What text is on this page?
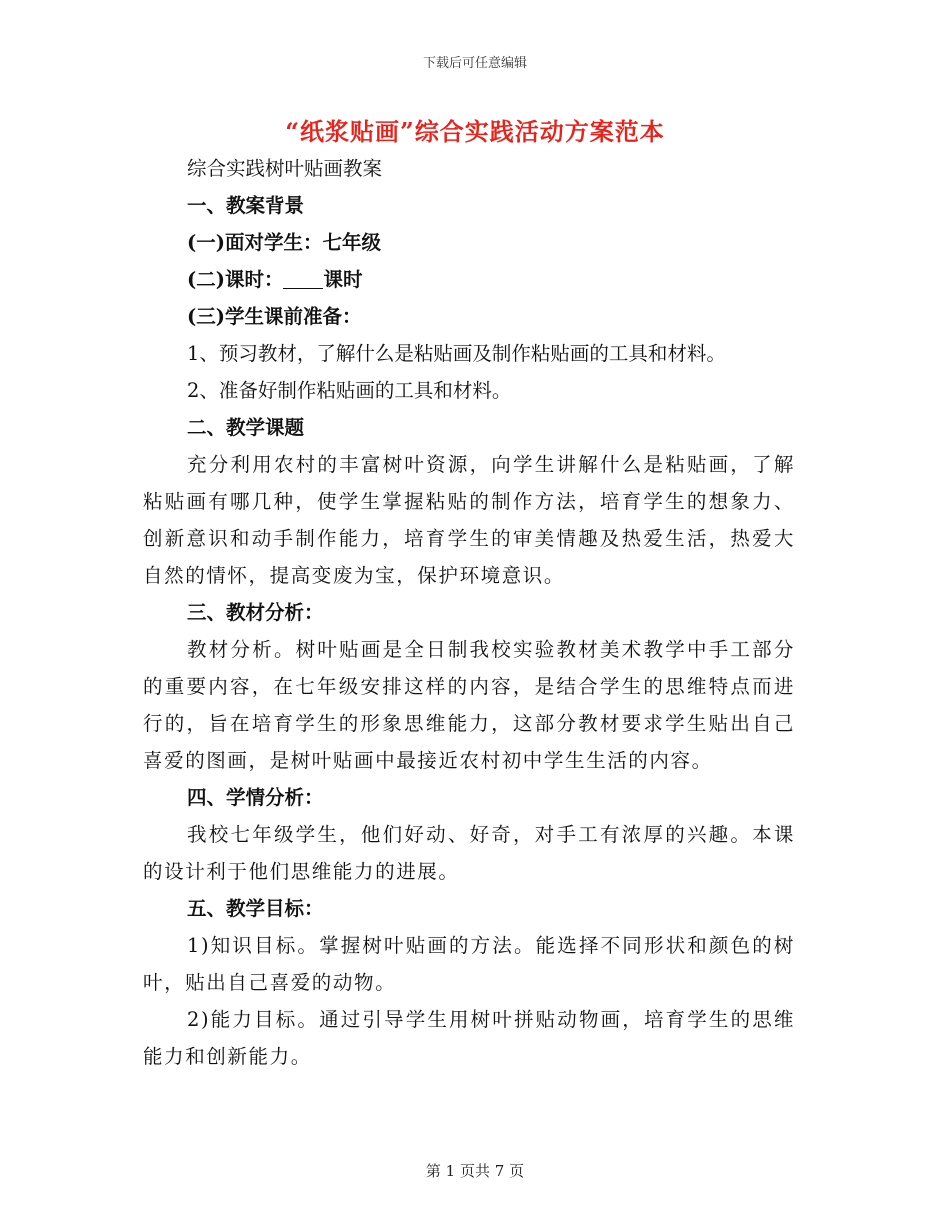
下载后可任意编辑
“纸浆贴画”综合实践活动方案范本

综合实践树叶贴画教案

一、教案背景

(一)面对学生：七年级

(二)课时： 课时

(三)学生课前准备：

1、预习教材，了解什么是粘贴画及制作粘贴画的工具和材料。

2、准备好制作粘贴画的工具和材料。

二、教学课题

充分利用农村的丰富树叶资源，向学生讲解什么是粘贴画，了解粘贴画有哪几种，使学生掌握粘贴的制作方法，培育学生的想象力、创新意识和动手制作能力，培育学生的审美情趣及热爱生活，热爱大自然的情怀，提高变废为宝，保护环境意识。

三、教材分析：

教材分析。树叶贴画是全日制我校实验教材美术教学中手工部分的重要内容，在七年级安排这样的内容，是结合学生的思维特点而进行的，旨在培育学生的形象思维能力，这部分教材要求学生贴出自己喜爱的图画，是树叶贴画中最接近农村初中学生生活的内容。

四、学情分析：

我校七年级学生，他们好动、好奇，对手工有浓厚的兴趣。本课的设计利于他们思维能力的进展。

五、教学目标：

1)知识目标。掌握树叶贴画的方法。能选择不同形状和颜色的树叶，贴出自己喜爱的动物。

2)能力目标。通过引导学生用树叶拼贴动物画，培育学生的思维能力和创新能力。

第 1 页共 7 页
